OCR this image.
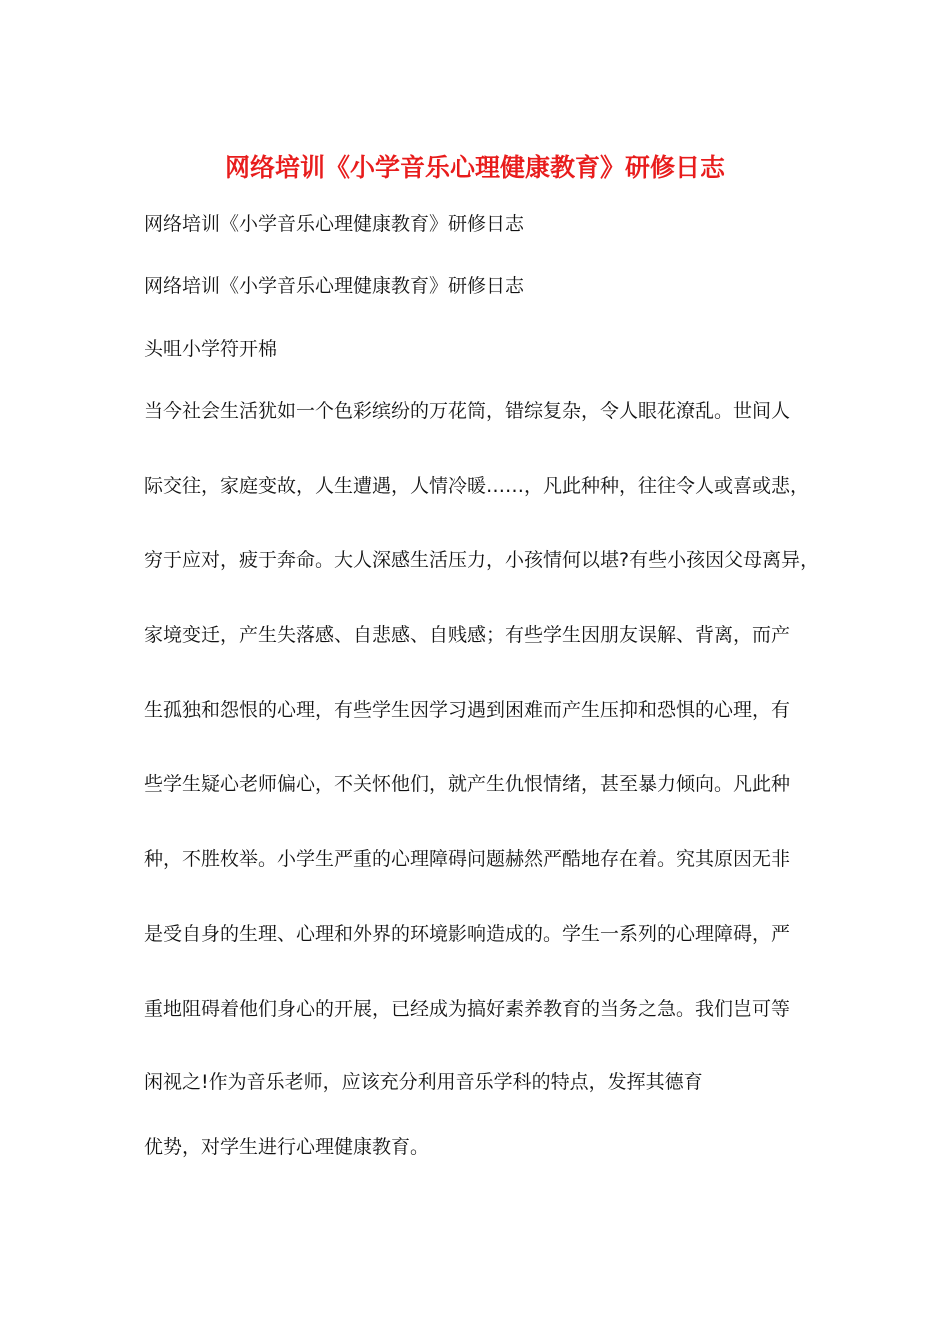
网络培训《小学音乐心理健康教育》研修日志
网络培训《小学音乐心理健康教育》研修日志
网络培训《小学音乐心理健康教育》研修日志
头咀小学符开棉
当今社会生活犹如一个色彩缤纷的万花筒，错综复杂，令人眼花潦乱。世间人
际交往，家庭变故，人生遭遇，人情冷暖……，凡此种种，往往令人或喜或悲，
穷于应对，疲于奔命。大人深感生活压力，小孩情何以堪?有些小孩因父母离异，
家境变迁，产生失落感、自悲感、自贱感；有些学生因朋友误解、背离，而产
生孤独和怨恨的心理，有些学生因学习遇到困难而产生压抑和恐惧的心理，有
些学生疑心老师偏心，不关怀他们，就产生仇恨情绪，甚至暴力倾向。凡此种
种，不胜枚举。小学生严重的心理障碍问题赫然严酷地存在着。究其原因无非
是受自身的生理、心理和外界的环境影响造成的。学生一系列的心理障碍，严
重地阻碍着他们身心的开展，已经成为搞好素养教育的当务之急。我们岂可等
闲视之!作为音乐老师，应该充分利用音乐学科的特点，发挥其德育
优势，对学生进行心理健康教育。
